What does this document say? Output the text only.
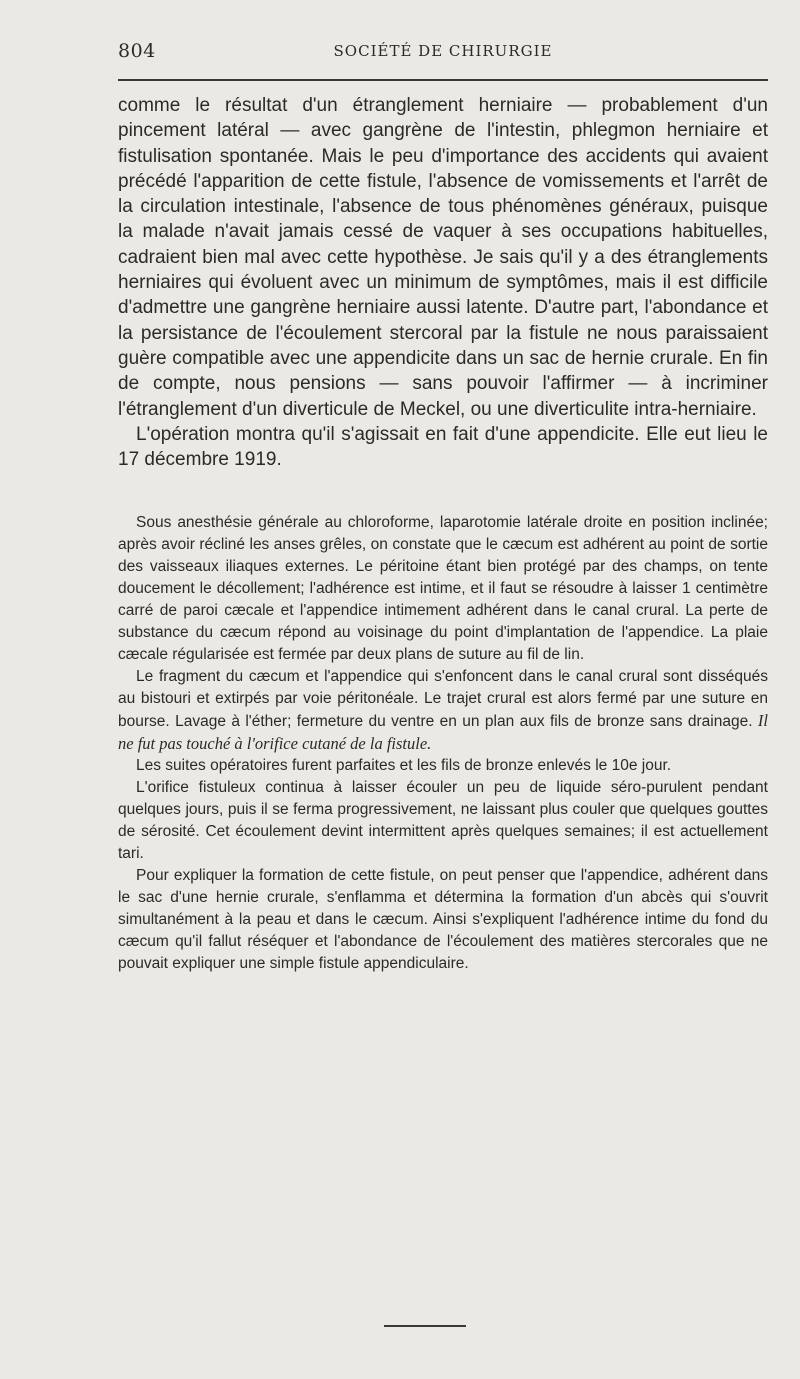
804	SOCIÉTÉ DE CHIRURGIE

comme le résultat d'un étranglement herniaire — probablement d'un pincement latéral — avec gangrène de l'intestin, phlegmon herniaire et fistulisation spontanée. Mais le peu d'importance des accidents qui avaient précédé l'apparition de cette fistule, l'absence de vomissements et l'arrêt de la circulation intestinale, l'absence de tous phénomènes généraux, puisque la malade n'avait jamais cessé de vaquer à ses occupations habituelles, cadraient bien mal avec cette hypothèse. Je sais qu'il y a des étranglements herniaires qui évoluent avec un minimum de symptômes, mais il est difficile d'admettre une gangrène herniaire aussi latente. D'autre part, l'abondance et la persistance de l'écoulement stercoral par la fistule ne nous paraissaient guère compatible avec une appendicite dans un sac de hernie crurale. En fin de compte, nous pensions — sans pouvoir l'affirmer — à incriminer l'étranglement d'un diverticule de Meckel, ou une diverticulite intra-herniaire.

L'opération montra qu'il s'agissait en fait d'une appendicite. Elle eut lieu le 17 décembre 1919.

Sous anesthésie générale au chloroforme, laparotomie latérale droite en position inclinée; après avoir récliné les anses grêles, on constate que le cæcum est adhérent au point de sortie des vaisseaux iliaques externes. Le péritoine étant bien protégé par des champs, on tente doucement le décollement; l'adhérence est intime, et il faut se résoudre à laisser 1 centimètre carré de paroi cæcale et l'appendice intimement adhérent dans le canal crural. La perte de substance du cæcum répond au voisinage du point d'implantation de l'appendice. La plaie cæcale régularisée est fermée par deux plans de suture au fil de lin.

Le fragment du cæcum et l'appendice qui s'enfoncent dans le canal crural sont disséqués au bistouri et extirpés par voie péritonéale. Le trajet crural est alors fermé par une suture en bourse. Lavage à l'éther; fermeture du ventre en un plan aux fils de bronze sans drainage. Il ne fut pas touché à l'orifice cutané de la fistule.

Les suites opératoires furent parfaites et les fils de bronze enlevés le 10e jour.

L'orifice fistuleux continua à laisser écouler un peu de liquide séro-purulent pendant quelques jours, puis il se ferma progressivement, ne laissant plus couler que quelques gouttes de sérosité. Cet écoulement devint intermittent après quelques semaines; il est actuellement tari.

Pour expliquer la formation de cette fistule, on peut penser que l'appendice, adhérent dans le sac d'une hernie crurale, s'enflamma et détermina la formation d'un abcès qui s'ouvrit simultanément à la peau et dans le cæcum. Ainsi s'expliquent l'adhérence intime du fond du cæcum qu'il fallut réséquer et l'abondance de l'écoulement des matières stercorales que ne pouvait expliquer une simple fistule appendiculaire.
